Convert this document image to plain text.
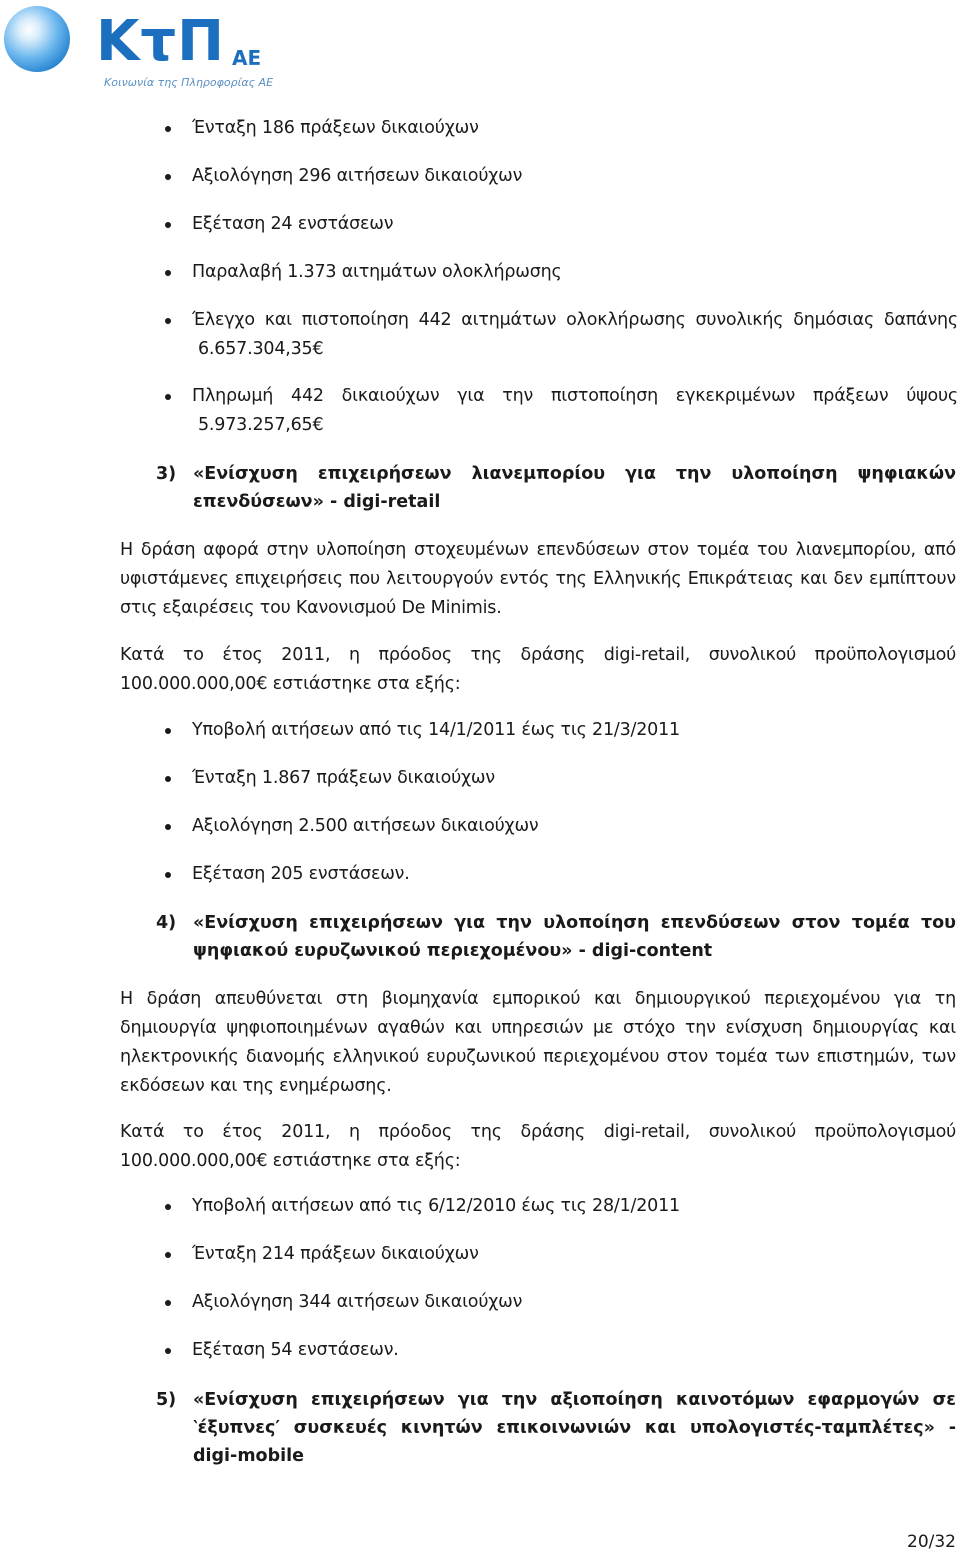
ΚτΠ ΑΕ
Κοινωνία της Πληροφορίας ΑΕ
Ένταξη 186 πράξεων δικαιούχων
Αξιολόγηση 296 αιτήσεων δικαιούχων
Εξέταση 24 ενστάσεων
Παραλαβή 1.373 αιτημάτων ολοκλήρωσης
Έλεγχο και πιστοποίηση 442 αιτημάτων ολοκλήρωσης συνολικής δημόσιας δαπάνης
6.657.304,35€
Πληρωμή 442 δικαιούχων για την πιστοποίηση εγκεκριμένων πράξεων ύψους
5.973.257,65€
3) «Ενίσχυση επιχειρήσεων λιανεμπορίου για την υλοποίηση ψηφιακών
επενδύσεων» - digi-retail
Η δράση αφορά στην υλοποίηση στοχευμένων επενδύσεων στον τομέα του λιανεμπορίου, από υφιστάμενες επιχειρήσεις που λειτουργούν εντός της Ελληνικής Επικράτειας και δεν εμπίπτουν στις εξαιρέσεις του Κανονισμού De Minimis.
Κατά το έτος 2011, η πρόοδος της δράσης digi-retail, συνολικού προϋπολογισμού 100.000.000,00€ εστιάστηκε στα εξής:
Υποβολή αιτήσεων από τις 14/1/2011 έως τις 21/3/2011
Ένταξη 1.867 πράξεων δικαιούχων
Αξιολόγηση 2.500 αιτήσεων δικαιούχων
Εξέταση 205 ενστάσεων.
4) «Ενίσχυση επιχειρήσεων για την υλοποίηση επενδύσεων στον τομέα του
ψηφιακού ευρυζωνικού περιεχομένου» - digi-content
Η δράση απευθύνεται στη βιομηχανία εμπορικού και δημιουργικού περιεχομένου για τη δημιουργία ψηφιοποιημένων αγαθών και υπηρεσιών με στόχο την ενίσχυση δημιουργίας και ηλεκτρονικής διανομής ελληνικού ευρυζωνικού περιεχομένου στον τομέα των επιστημών, των εκδόσεων και της ενημέρωσης.
Κατά το έτος 2011, η πρόοδος της δράσης digi-retail, συνολικού προϋπολογισμού 100.000.000,00€ εστιάστηκε στα εξής:
Υποβολή αιτήσεων από τις 6/12/2010 έως τις 28/1/2011
Ένταξη 214 πράξεων δικαιούχων
Αξιολόγηση 344 αιτήσεων δικαιούχων
Εξέταση 54 ενστάσεων.
5) «Ενίσχυση επιχειρήσεων για την αξιοποίηση καινοτόμων εφαρμογών σε
‵έξυπνες′ συσκευές κινητών επικοινωνιών και υπολογιστές-ταμπλέτες» -
digi-mobile
20/32
